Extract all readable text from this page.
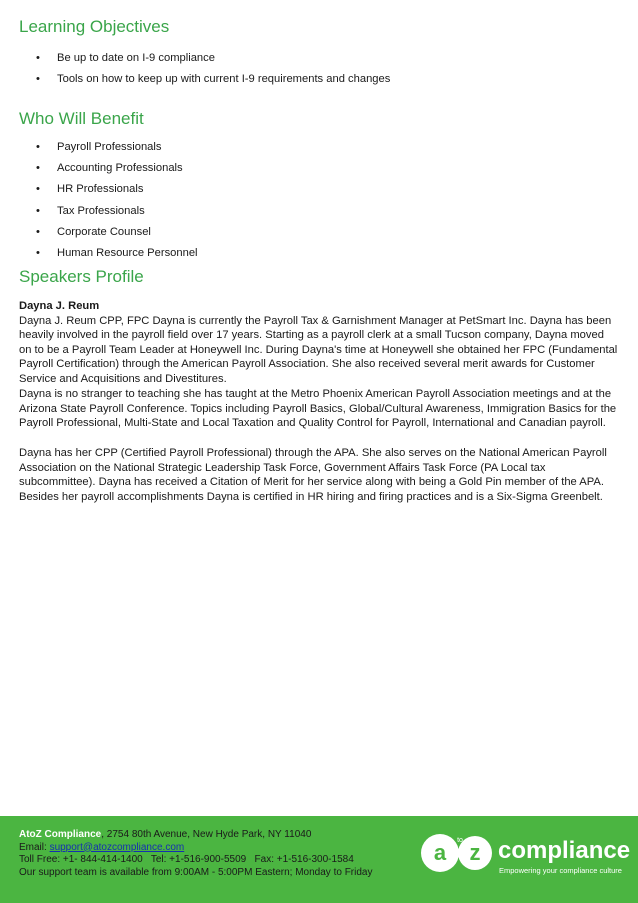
Learning Objectives
• Be up to date on I-9 compliance
• Tools on how to keep up with current I-9 requirements and changes
Who Will Benefit
• Payroll Professionals
• Accounting Professionals
• HR Professionals
• Tax Professionals
• Corporate Counsel
• Human Resource Personnel
Speakers Profile

Dayna J. Reum
Dayna J. Reum CPP, FPC Dayna is currently the Payroll Tax & Garnishment Manager at PetSmart Inc. Dayna has been heavily involved in the payroll field over 17 years. Starting as a payroll clerk at a small Tucson company, Dayna moved on to be a Payroll Team Leader at Honeywell Inc. During Dayna's time at Honeywell she obtained her FPC (Fundamental Payroll Certification) through the American Payroll Association. She also received several merit awards for Customer Service and Acquisitions and Divestitures.

Dayna is no stranger to teaching she has taught at the Metro Phoenix American Payroll Association meetings and at the Arizona State Payroll Conference. Topics including Payroll Basics, Global/Cultural Awareness, Immigration Basics for the Payroll Professional, Multi-State and Local Taxation and Quality Control for Payroll, International and Canadian payroll.

Dayna has her CPP (Certified Payroll Professional) through the APA. She also serves on the National American Payroll Association on the National Strategic Leadership Task Force, Government Affairs Task Force (PA Local tax subcommittee). Dayna has received a Citation of Merit for her service along with being a Gold Pin member of the APA. Besides her payroll accomplishments Dayna is certified in HR hiring and firing practices and is a Six-Sigma Greenbelt.

AtoZ Compliance, 2754 80th Avenue, New Hyde Park, NY 11040
Email: support@atozcompliance.com
Toll Free: +1- 844-414-1400   Tel: +1-516-900-5509   Fax: +1-516-300-1584
Our support team is available from 9:00AM - 5:00PM Eastern; Monday to Friday
a to z compliance
Empowering your compliance culture
